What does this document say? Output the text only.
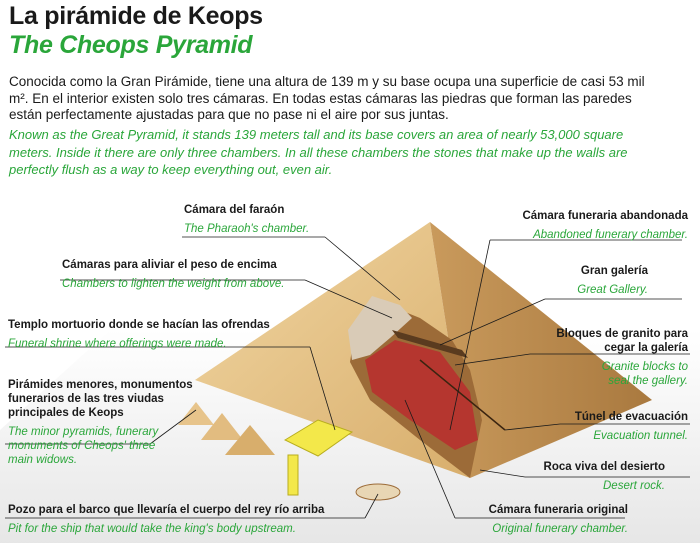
La pirámide de Keops
The Cheops Pyramid
Conocida como la Gran Pirámide, tiene una altura de 139 m y su base ocupa una superficie de casi 53 mil m². En el interior existen solo tres cámaras. En todas estas cámaras las piedras que forman las paredes están perfectamente ajustadas para que no pase ni el aire por sus juntas.
Known as the Great Pyramid, it stands 139 meters tall and its base covers an area of nearly 53,000 square meters. Inside it there are only three chambers. In all these chambers the stones that make up the walls are perfectly flush as a way to keep everything out, even air.
Cámara del faraón
The Pharaoh's chamber.
Cámaras para aliviar el peso de encima
Chambers to lighten the weight from above.
Templo mortuorio donde se hacían las ofrendas
Funeral shrine where offerings were made.
Pirámides menores, monumentos funerarios de las tres viudas principales de Keops
The minor pyramids, funerary monuments of Cheops' three main widows.
Pozo para el barco que llevaría el cuerpo del rey río arriba
Pit for the ship that would take the king's body upstream.
Cámara funeraria abandonada
Abandoned funerary chamber.
Gran galería
Great Gallery.
Bloques de granito para cegar la galería
Granite blocks to seal the gallery.
Túnel de evacuación
Evacuation tunnel.
Roca viva del desierto
Desert rock.
Cámara funeraria original
Original funerary chamber.
